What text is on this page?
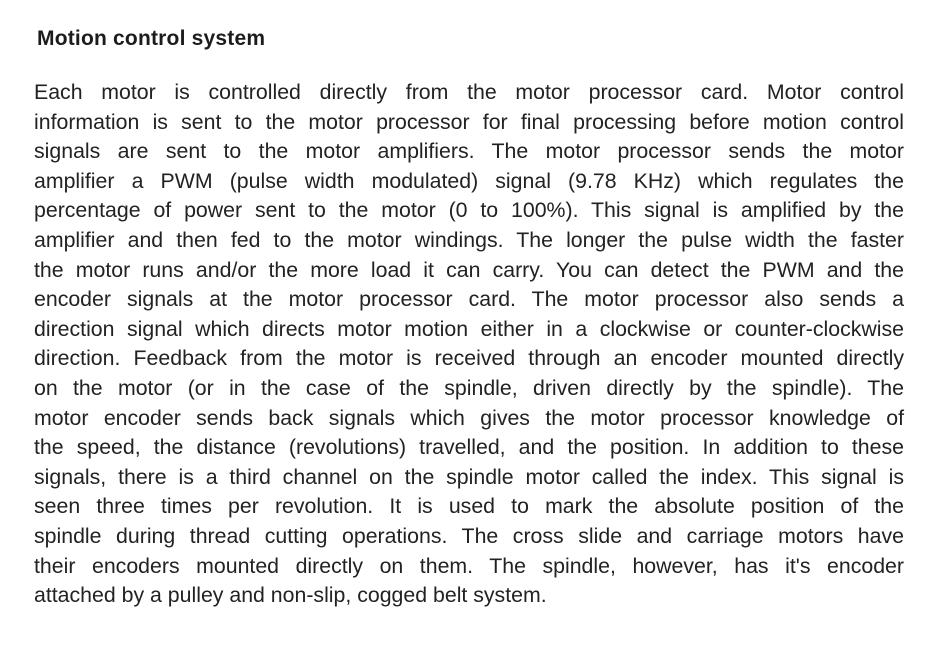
Motion control system
Each motor is controlled directly from the motor processor card. Motor control
information is sent to the motor processor for final processing before motion control
signals are sent to the motor amplifiers. The motor processor sends the motor
amplifier a PWM (pulse width modulated) signal (9.78 KHz) which regulates the
percentage of power sent to the motor (0 to 100%). This signal is amplified by the
amplifier and then fed to the motor windings. The longer the pulse width the faster
the motor runs and/or the more load it can carry. You can detect the PWM and the
encoder signals at the motor processor card. The motor processor also sends a
direction signal which directs motor motion either in a clockwise or counter-clockwise
direction. Feedback from the motor is received through an encoder mounted directly
on the motor (or in the case of the spindle, driven directly by the spindle). The
motor encoder sends back signals which gives the motor processor knowledge of
the speed, the distance (revolutions) travelled, and the position. In addition to these
signals, there is a third channel on the spindle motor called the index. This signal is
seen three times per revolution. It is used to mark the absolute position of the
spindle during thread cutting operations. The cross slide and carriage motors have
their encoders mounted directly on them. The spindle, however, has it's encoder
attached by a pulley and non-slip, cogged belt system.
